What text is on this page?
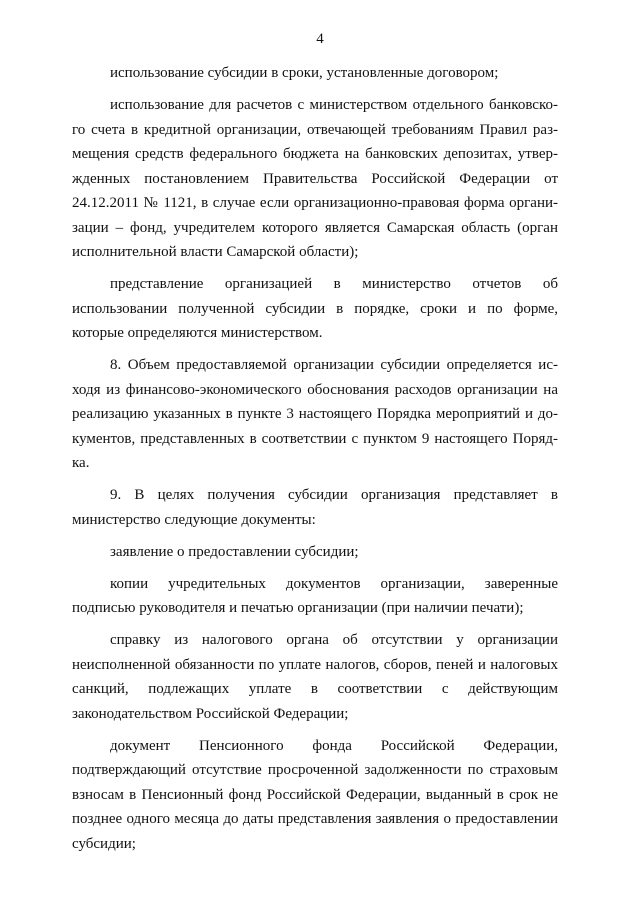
4
использование субсидии в сроки, установленные договором;
использование для расчетов с министерством отдельного банковско-
го счета в кредитной организации, отвечающей требованиям Правил раз-
мещения средств федерального бюджета на банковских депозитах, утвер-
жденных постановлением Правительства Российской Федерации от
24.12.2011 № 1121, в случае если организационно-правовая форма органи-
зации – фонд, учредителем которого является Самарская область (орган
исполнительной власти Самарской области);
представление организацией в министерство отчетов об
использовании полученной субсидии в порядке, сроки и по форме,
которые определяются министерством.
8. Объем предоставляемой организации субсидии определяется ис-
ходя из финансово-экономического обоснования расходов организации на
реализацию указанных в пункте 3 настоящего Порядка мероприятий и до-
кументов, представленных в соответствии с пунктом 9 настоящего Поряд-
ка.
9. В целях получения субсидии организация представляет в
министерство следующие документы:
заявление о предоставлении субсидии;
копии учредительных документов организации, заверенные
подписью руководителя и печатью организации (при наличии печати);
справку из налогового органа об отсутствии у организации
неисполненной обязанности по уплате налогов, сборов, пеней и налоговых
санкций, подлежащих уплате в соответствии с действующим
законодательством Российской Федерации;
документ Пенсионного фонда Российской Федерации,
подтверждающий отсутствие просроченной задолженности по страховым
взносам в Пенсионный фонд Российской Федерации, выданный в срок не
позднее одного месяца до даты представления заявления о предоставлении
субсидии;
